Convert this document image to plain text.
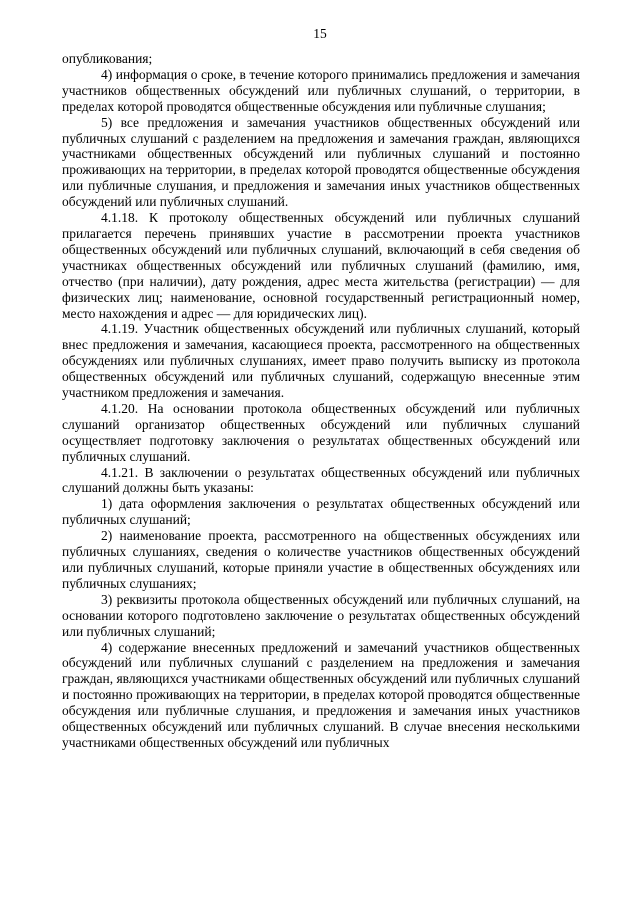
15

опубликования;

4) информация о сроке, в течение которого принимались предложения и замечания участников общественных обсуждений или публичных слушаний, о территории, в пределах которой проводятся общественные обсуждения или публичные слушания;

5) все предложения и замечания участников общественных обсуждений или публичных слушаний с разделением на предложения и замечания граждан, являющихся участниками общественных обсуждений или публичных слушаний и постоянно проживающих на территории, в пределах которой проводятся общественные обсуждения или публичные слушания, и предложения и замечания иных участников общественных обсуждений или публичных слушаний.

4.1.18. К протоколу общественных обсуждений или публичных слушаний прилагается перечень принявших участие в рассмотрении проекта участников общественных обсуждений или публичных слушаний, включающий в себя сведения об участниках общественных обсуждений или публичных слушаний (фамилию, имя, отчество (при наличии), дату рождения, адрес места жительства (регистрации) — для физических лиц; наименование, основной государственный регистрационный номер, место нахождения и адрес — для юридических лиц).

4.1.19. Участник общественных обсуждений или публичных слушаний, который внес предложения и замечания, касающиеся проекта, рассмотренного на общественных обсуждениях или публичных слушаниях, имеет право получить выписку из протокола общественных обсуждений или публичных слушаний, содержащую внесенные этим участником предложения и замечания.

4.1.20. На основании протокола общественных обсуждений или публичных слушаний организатор общественных обсуждений или публичных слушаний осуществляет подготовку заключения о результатах общественных обсуждений или публичных слушаний.

4.1.21. В заключении о результатах общественных обсуждений или публичных слушаний должны быть указаны:

1) дата оформления заключения о результатах общественных обсуждений или публичных слушаний;

2) наименование проекта, рассмотренного на общественных обсуждениях или публичных слушаниях, сведения о количестве участников общественных обсуждений или публичных слушаний, которые приняли участие в общественных обсуждениях или публичных слушаниях;

3) реквизиты протокола общественных обсуждений или публичных слушаний, на основании которого подготовлено заключение о результатах общественных обсуждений или публичных слушаний;

4) содержание внесенных предложений и замечаний участников общественных обсуждений или публичных слушаний с разделением на предложения и замечания граждан, являющихся участниками общественных обсуждений или публичных слушаний и постоянно проживающих на территории, в пределах которой проводятся общественные обсуждения или публичные слушания, и предложения и замечания иных участников общественных обсуждений или публичных слушаний. В случае внесения несколькими участниками общественных обсуждений или публичных
